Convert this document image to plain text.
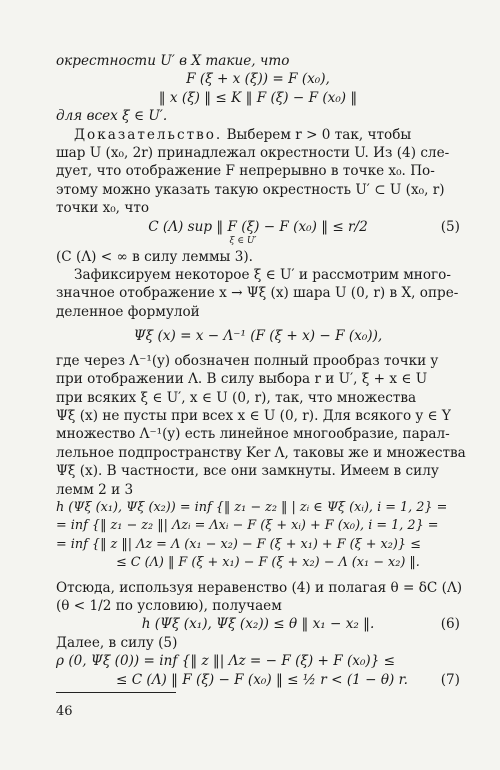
окрестности U′ в X такие, что
F (ξ + x (ξ)) = F (x₀),
‖ x (ξ) ‖ ≤ K ‖ F (ξ) − F (x₀) ‖
для всех ξ ∈ U′.
Доказательство. Выберем r > 0 так, чтобы
шар U (x₀, 2r) принадлежал окрестности U. Из (4) сле-
дует, что отображение F непрерывно в точке x₀. По-
этому можно указать такую окрестность U′ ⊂ U (x₀, r)
точки x₀, что
C (Λ) sup ‖ F (ξ) − F (x₀) ‖ ≤ r/2	(5)
ξ ∈ U′
(C (Λ) < ∞ в силу леммы 3).
Зафиксируем некоторое ξ ∈ U′ и рассмотрим много-
значное отображение x → Ψξ (x) шара U (0, r) в X, опре-
деленное формулой
Ψξ (x) = x − Λ⁻¹ (F (ξ + x) − F (x₀)),
где через Λ⁻¹(y) обозначен полный прообраз точки y
при отображении Λ. В силу выбора r и U′, ξ + x ∈ U
при всяких ξ ∈ U′, x ∈ U (0, r), так, что множества
Ψξ (x) не пусты при всех x ∈ U (0, r). Для всякого y ∈ Y
множество Λ⁻¹(y) есть линейное многообразие, парал-
лельное подпространству Ker Λ, таковы же и множества
Ψξ (x). В частности, все они замкнуты. Имеем в силу
лемм 2 и 3
h (Ψξ (x₁), Ψξ (x₂)) = inf {‖ z₁ − z₂ ‖ | zᵢ ∈ Ψξ (xᵢ), i = 1, 2} =
= inf {‖ z₁ − z₂ ‖| Λzᵢ = Λxᵢ − F (ξ + xᵢ) + F (x₀), i = 1, 2} =
= inf {‖ z ‖| Λz = Λ (x₁ − x₂) − F (ξ + x₁) + F (ξ + x₂)} ≤
≤ C (Λ) ‖ F (ξ + x₁) − F (ξ + x₂) − Λ (x₁ − x₂) ‖.
Отсюда, используя неравенство (4) и полагая θ = δC (Λ)
(θ < 1/2 по условию), получаем
h (Ψξ (x₁), Ψξ (x₂)) ≤ θ ‖ x₁ − x₂ ‖.	(6)
Далее, в силу (5)
ρ (0, Ψξ (0)) = inf {‖ z ‖| Λz = − F (ξ) + F (x₀)} ≤
≤ C (Λ) ‖ F (ξ) − F (x₀) ‖ ≤ ½ r < (1 − θ) r. (7)
46
